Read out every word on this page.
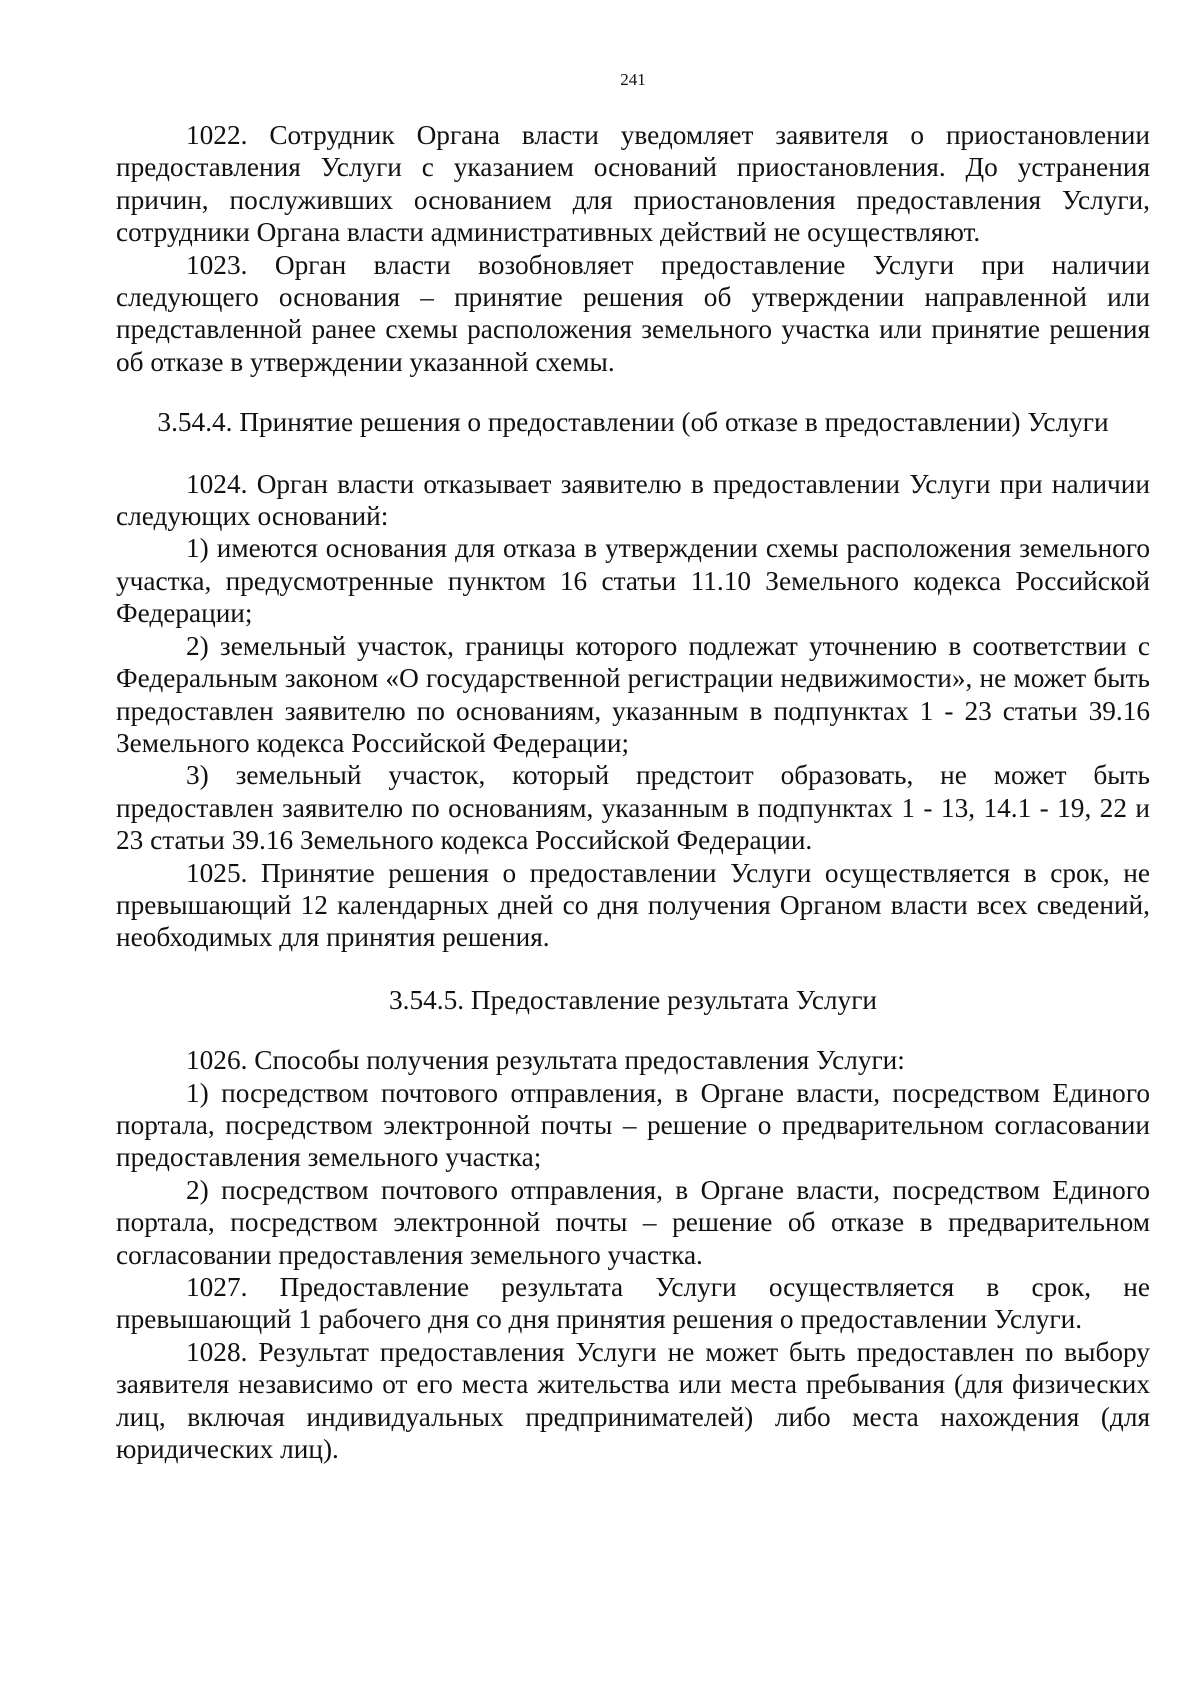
241

1022. Сотрудник Органа власти уведомляет заявителя о приостановлении предоставления Услуги с указанием оснований приостановления. До устранения причин, послуживших основанием для приостановления предоставления Услуги, сотрудники Органа власти административных действий не осуществляют.

1023. Орган власти возобновляет предоставление Услуги при наличии следующего основания – принятие решения об утверждении направленной или представленной ранее схемы расположения земельного участка или принятие решения об отказе в утверждении указанной схемы.

3.54.4. Принятие решения о предоставлении (об отказе в предоставлении) Услуги

1024. Орган власти отказывает заявителю в предоставлении Услуги при наличии следующих оснований:

1) имеются основания для отказа в утверждении схемы расположения земельного участка, предусмотренные пунктом 16 статьи 11.10 Земельного кодекса Российской Федерации;

2) земельный участок, границы которого подлежат уточнению в соответствии с Федеральным законом «О государственной регистрации недвижимости», не может быть предоставлен заявителю по основаниям, указанным в подпунктах 1 - 23 статьи 39.16 Земельного кодекса Российской Федерации;

3) земельный участок, который предстоит образовать, не может быть предоставлен заявителю по основаниям, указанным в подпунктах 1 - 13, 14.1 - 19, 22 и 23 статьи 39.16 Земельного кодекса Российской Федерации.

1025. Принятие решения о предоставлении Услуги осуществляется в срок, не превышающий 12 календарных дней со дня получения Органом власти всех сведений, необходимых для принятия решения.

3.54.5. Предоставление результата Услуги

1026. Способы получения результата предоставления Услуги:

1) посредством почтового отправления, в Органе власти, посредством Единого портала, посредством электронной почты – решение о предварительном согласовании предоставления земельного участка;

2) посредством почтового отправления, в Органе власти, посредством Единого портала, посредством электронной почты – решение об отказе в предварительном согласовании предоставления земельного участка.

1027. Предоставление результата Услуги осуществляется в срок, не превышающий 1 рабочего дня со дня принятия решения о предоставлении Услуги.

1028. Результат предоставления Услуги не может быть предоставлен по выбору заявителя независимо от его места жительства или места пребывания (для физических лиц, включая индивидуальных предпринимателей) либо места нахождения (для юридических лиц).
